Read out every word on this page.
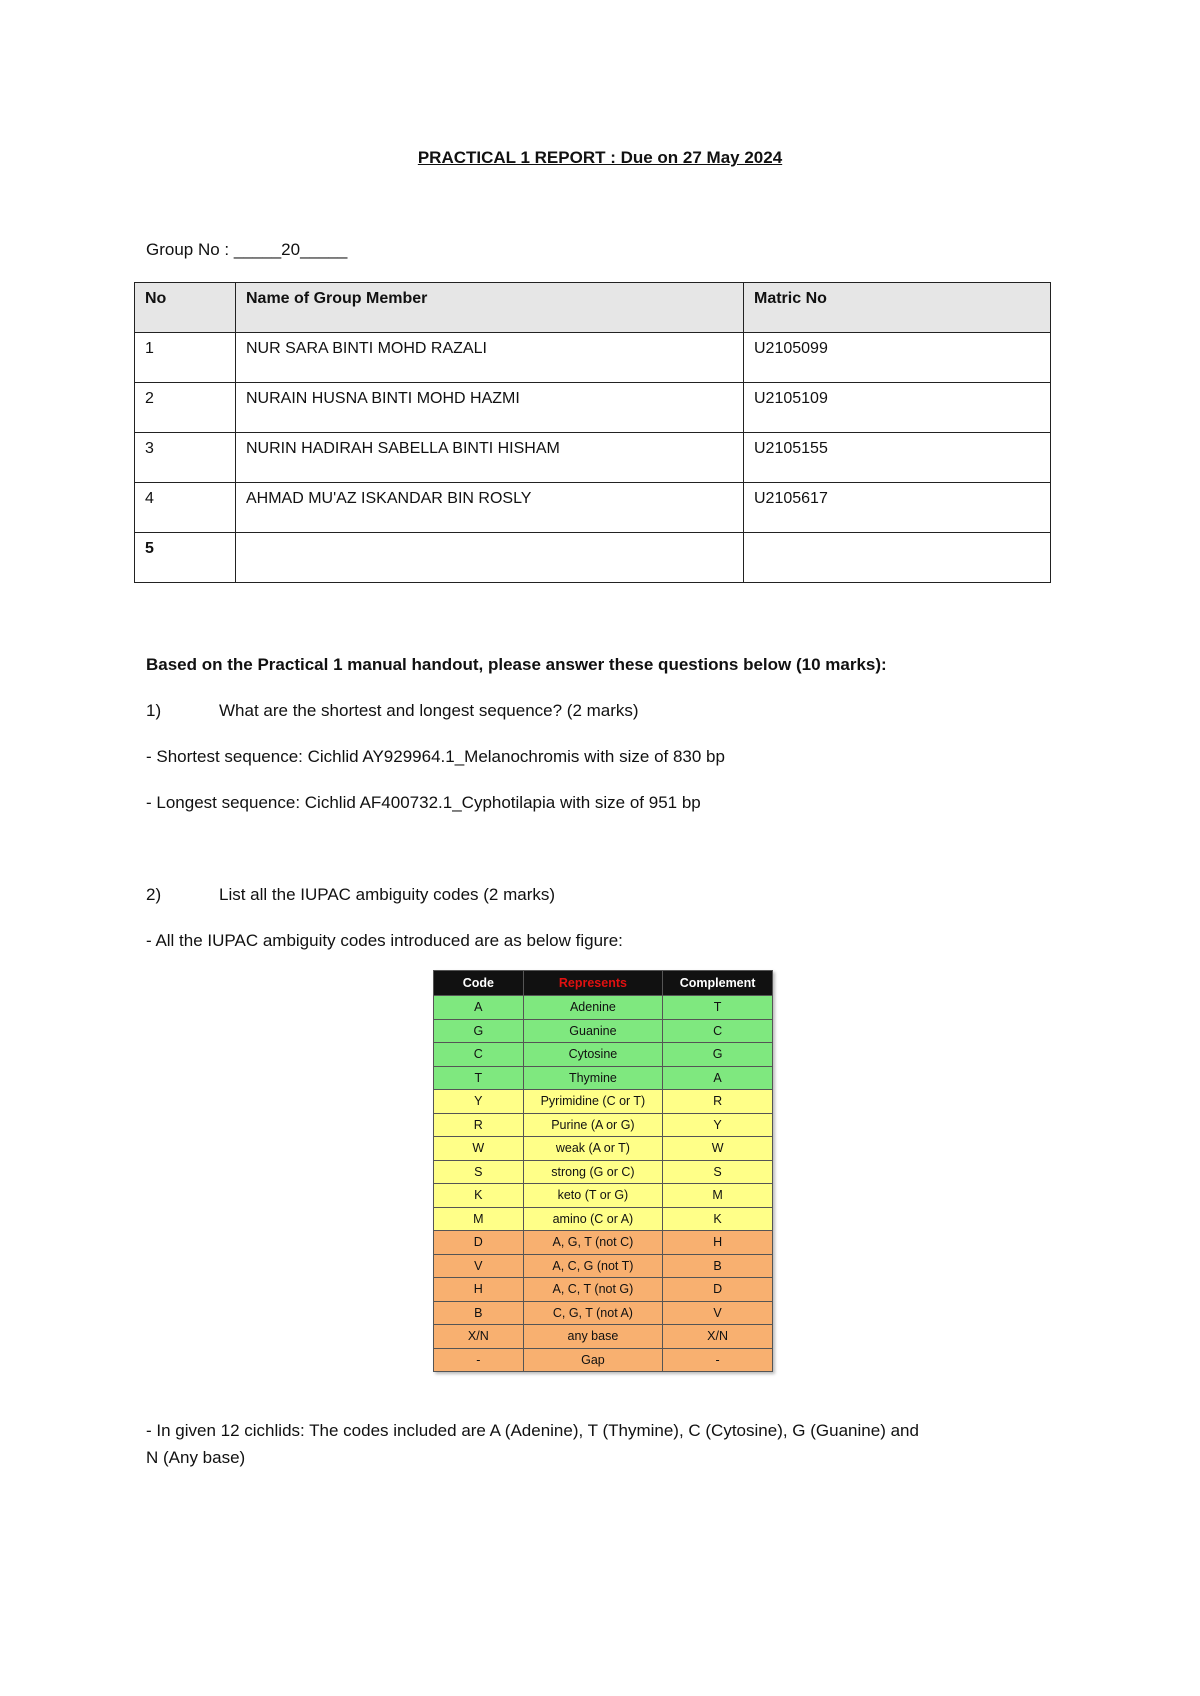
PRACTICAL 1 REPORT : Due on 27 May 2024
Group No : _____20_____
No	Name of Group Member	Matric No
1	NUR SARA BINTI MOHD RAZALI	U2105099
2	NURAIN HUSNA BINTI MOHD HAZMI	U2105109
3	NURIN HADIRAH SABELLA BINTI HISHAM	U2105155
4	AHMAD MU'AZ ISKANDAR BIN ROSLY	U2105617
5		
Based on the Practical 1 manual handout, please answer these questions below (10 marks):
1)	What are the shortest and longest sequence? (2 marks)
- Shortest sequence: Cichlid AY929964.1_Melanochromis with size of 830 bp
- Longest sequence: Cichlid AF400732.1_Cyphotilapia with size of 951 bp
2)	List all the IUPAC ambiguity codes (2 marks)
- All the IUPAC ambiguity codes introduced are as below figure:
Code	Represents	Complement
A	Adenine	T
G	Guanine	C
C	Cytosine	G
T	Thymine	A
Y	Pyrimidine (C or T)	R
R	Purine (A or G)	Y
W	weak (A or T)	W
S	strong (G or C)	S
K	keto (T or G)	M
M	amino (C or A)	K
D	A, G, T (not C)	H
V	A, C, G (not T)	B
H	A, C, T (not G)	D
B	C, G, T (not A)	V
X/N	any base	X/N
-	Gap	-
- In given 12 cichlids: The codes included are A (Adenine), T (Thymine), C (Cytosine), G (Guanine) and
N (Any base)
